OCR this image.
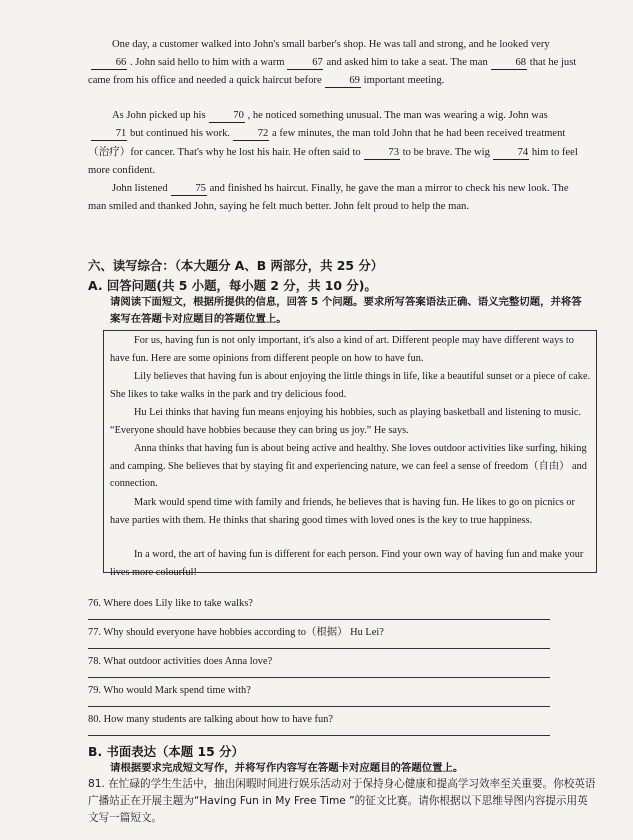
One day, a customer walked into John's small barber's shop. He was tall and strong, and he looked very66 . John said hello to him with a warm	67 and asked him to take a seat. The man	68 that he just came from his office and needed a quick haircut before	69 important meeting.

As John picked up his	70 , he noticed something unusual. The man was wearing a wig. John was71 but continued his work.	72 a few minutes, the man told John that he had been received treatment （治疗）for cancer. That's why he lost his hair. He often said to	73 to be brave. The wig	74 him to feel more confident.

John listened	75 and finished hs haircut. Finally, he gave the man a mirror to check his new look. The man smiled and thanked John, saying he felt much better. John felt proud to help the man.

六、读写综合：（本大题分 A、B 两部分，共 25 分）

A. 回答问题(共 5 小题，每小题 2 分，共 10 分)。

请阅读下面短文，根据所提供的信息，回答 5 个问题。要求所写答案语法正确、语义完整切题，并将答案写在答题卡对应题目的答题位置上。

For us, having fun is not only important, it's also a kind of art. Different people may have different ways to have fun. Here are some opinions from different people on how to have fun.

Lily believes that having fun is about enjoying the little things in life, like a beautiful sunset or a piece of cake. She likes to take walks in the park and try delicious food.

Hu Lei thinks that having fun means enjoying his hobbies, such as playing basketball and listening to music. “Everyone should have hobbies because they can bring us joy.” He says.

Anna thinks that having fun is about being active and healthy. She loves outdoor activities like surfing, hiking and camping. She believes that by staying fit and experiencing nature, we can feel a sense of freedom（自由） and connection.

Mark would spend time with family and friends, he believes that is having fun. He likes to go on picnics or have parties with them. He thinks that sharing good times with loved ones is the key to true happiness.

In a word, the art of having fun is different for each person. Find your own way of having fun and make your lives more colourful!

76. Where does Lily like to take walks?

77. Why should everyone have hobbies according to（根据） Hu Lei?

78. What outdoor activities does Anna love?

79. Who would Mark spend time with?

80. How many students are talking about how to have fun?

B. 书面表达（本题 15 分）

请根据要求完成短文写作，并将写作内容写在答题卡对应题目的答题位置上。

81. 在忙碌的学生生活中，抽出闲暇时间进行娱乐活动对于保持身心健康和提高学习效率至关重要。你校英语广播站正在开展主题为“Having Fun in My Free Time ”的征文比赛。请你根据以下思维导图内容提示用英文写一篇短文。
